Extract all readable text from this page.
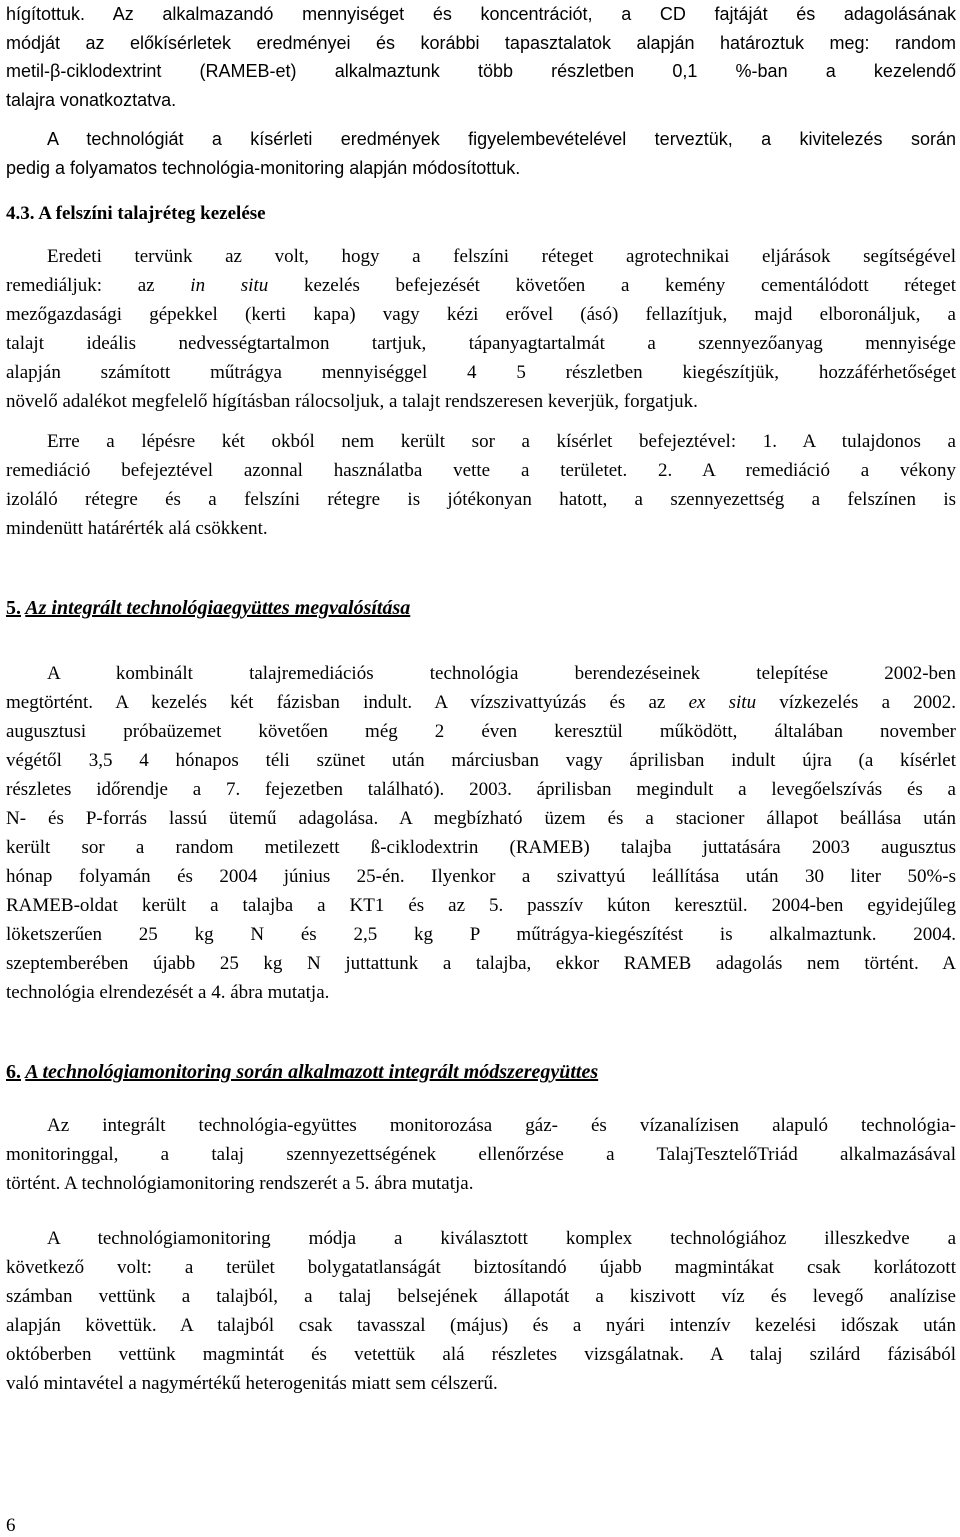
hígítottuk. Az alkalmazandó mennyiséget és koncentrációt, a CD fajtáját és adagolásának

módját az előkísérletek eredményei és korábbi tapasztalatok alapján határoztuk meg: random

metil-β-ciklodextrint (RAMEB-et) alkalmaztunk több részletben 0,1 %-ban a kezelendő

talajra vonatkoztatva.

A technológiát a kísérleti eredmények figyelembevételével terveztük, a kivitelezés során

pedig a folyamatos technológia-monitoring alapján módosítottuk.

4.3. A felszíni talajréteg kezelése

Eredeti tervünk az volt, hogy a felszíni réteget agrotechnikai eljárások segítségével

remediáljuk: az in situ kezelés befejezését követően a kemény cementálódott réteget

mezőgazdasági gépekkel (kerti kapa) vagy kézi erővel (ásó) fellazítjuk, majd elboronáljuk, a

talajt ideális nedvességtartalmon tartjuk, tápanyagtartalmát a szennyezőanyag mennyisége

alapján számított műtrágya mennyiséggel 4 5 részletben kiegészítjük, hozzáférhetőséget

növelő adalékot megfelelő hígításban rálocsoljuk, a talajt rendszeresen keverjük, forgatjuk.

Erre a lépésre két okból nem került sor a kísérlet befejeztével: 1. A tulajdonos a

remediáció befejeztével azonnal használatba vette a területet. 2. A remediáció a vékony

izoláló rétegre és a felszíni rétegre is jótékonyan hatott, a szennyezettség a felszínen is

mindenütt határérték alá csökkent.

5. Az integrált technológiaegyüttes megvalósítása

A kombinált talajremediációs technológia berendezéseinek telepítése 2002-ben

megtörtént. A kezelés két fázisban indult. A vízszivattyúzás és az ex situ vízkezelés a 2002.

augusztusi próbaüzemet követően még 2 éven keresztül működött, általában november

végétől 3,5 4 hónapos téli szünet után márciusban vagy áprilisban indult újra (a kísérlet

részletes időrendje a 7. fejezetben található). 2003. áprilisban megindult a levegőelszívás és a

N- és P-forrás lassú ütemű adagolása. A megbízható üzem és a stacioner állapot beállása után

került sor a random metilezett ß-ciklodextrin (RAMEB) talajba juttatására 2003 augusztus

hónap folyamán és 2004 június 25-én. Ilyenkor a szivattyú leállítása után 30 liter 50%-s

RAMEB-oldat került a talajba a KT1 és az 5. passzív kúton keresztül. 2004-ben egyidejűleg

löketszerűen 25 kg N és 2,5 kg P műtrágya-kiegészítést is alkalmaztunk. 2004.

szeptemberében újabb 25 kg N juttattunk a talajba, ekkor RAMEB adagolás nem történt. A

technológia elrendezését a 4. ábra mutatja.

6. A technológiamonitoring során alkalmazott integrált módszeregyüttes

Az integrált technológia-együttes monitorozása gáz- és vízanalízisen alapuló technológia-

monitoringgal, a talaj szennyezettségének ellenőrzése a TalajTesztelőTriád alkalmazásával

történt. A technológiamonitoring rendszerét a 5. ábra mutatja.

A technológiamonitoring módja a kiválasztott komplex technológiához illeszkedve a

következő volt: a terület bolygatatlanságát biztosítandó újabb magmintákat csak korlátozott

számban vettünk a talajból, a talaj belsejének állapotát a kiszivott víz és levegő analízise

alapján követtük. A talajból csak tavasszal (május) és a nyári intenzív kezelési időszak után

októberben vettünk magmintát és vetettük alá részletes vizsgálatnak. A talaj szilárd fázisából

való mintavétel a nagymértékű heterogenitás miatt sem célszerű.

6
